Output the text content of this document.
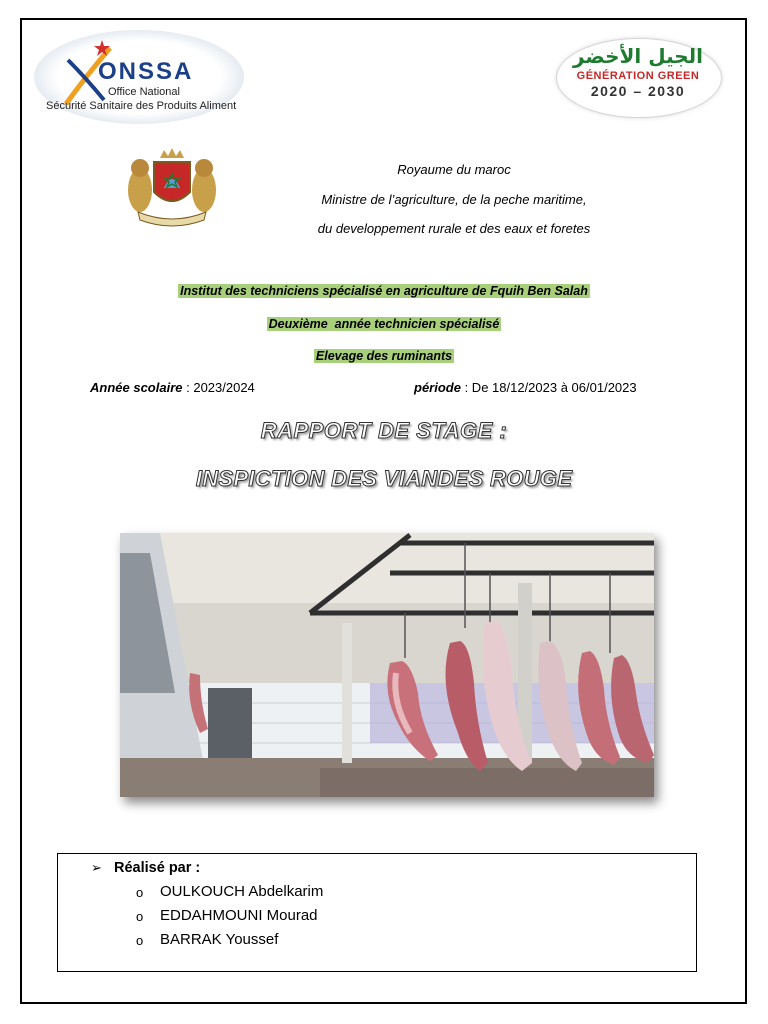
ONSSA
Office National
Sécurité Sanitaire des Produits Aliment
الجيل الأخضر
GÉNÉRATION GREEN
2020 – 2030
Royaume du maroc
Ministre de l’agriculture, de la peche maritime,
du developpement rurale et des eaux et foretes
Institut des techniciens spécialisé en agriculture de Fquih Ben Salah
Deuxième  année technicien spécialisé
Elevage des ruminants
Année scolaire : 2023/2024	période : De 18/12/2023 à 06/01/2023
RAPPORT DE STAGE :
INSPICTION DES VIANDES ROUGE
➢ Réalisé par :
o OULKOUCH Abdelkarim
o EDDAHMOUNI Mourad
o BARRAK Youssef
